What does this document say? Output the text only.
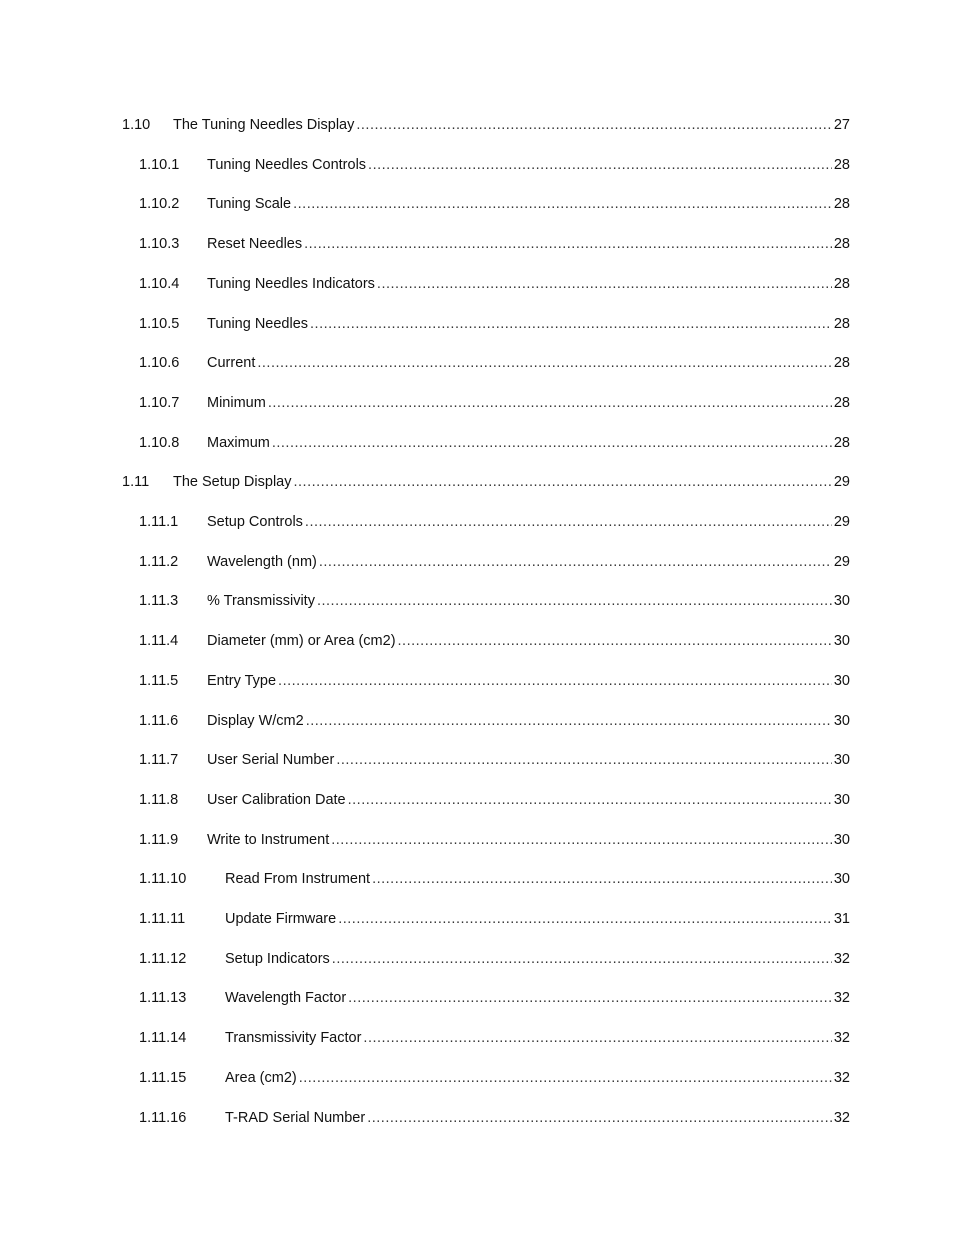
1.10 The Tuning Needles Display .....	27
1.10.1 Tuning Needles Controls .....	28
1.10.2 Tuning Scale .....	28
1.10.3 Reset Needles .....	28
1.10.4 Tuning Needles Indicators .....	28
1.10.5 Tuning Needles .....	28
1.10.6 Current .....	28
1.10.7 Minimum .....	28
1.10.8 Maximum .....	28
1.11 The Setup Display .....	29
1.11.1 Setup Controls .....	29
1.11.2 Wavelength (nm) .....	29
1.11.3 % Transmissivity .....	30
1.11.4 Diameter (mm) or Area (cm2) .....	30
1.11.5 Entry Type .....	30
1.11.6 Display W/cm2 .....	30
1.11.7 User Serial Number .....	30
1.11.8 User Calibration Date .....	30
1.11.9 Write to Instrument .....	30
1.11.10	Read From Instrument .....	30
1.11.11	Update Firmware .....	31
1.11.12	Setup Indicators .....	32
1.11.13	Wavelength Factor .....	32
1.11.14	Transmissivity Factor .....	32
1.11.15	Area (cm2) .....	32
1.11.16	T-RAD Serial Number .....	32
